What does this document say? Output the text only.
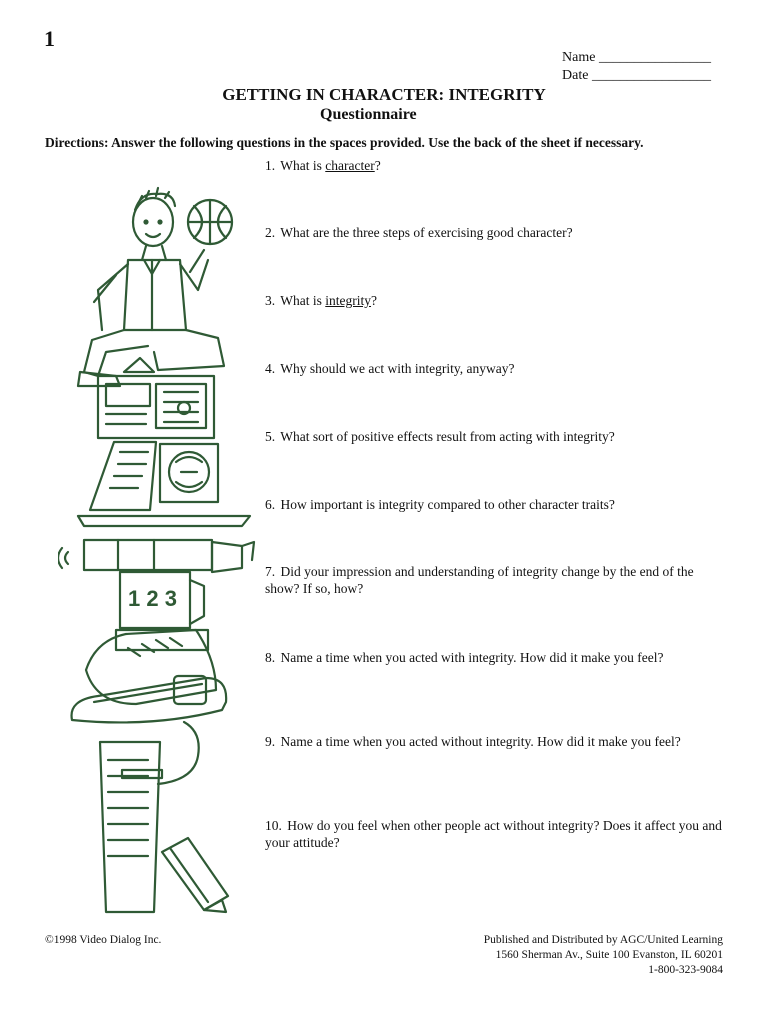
1
Name ________________
Date _________________
GETTING IN CHARACTER: INTEGRITY
Questionnaire
Directions: Answer the following questions in the spaces provided. Use the back of the sheet if necessary.
1. What is character?
2. What are the three steps of exercising good character?
3. What is integrity?
4. Why should we act with integrity, anyway?
5. What sort of positive effects result from acting with integrity?
6. How important is integrity compared to other character traits?
7. Did your impression and understanding of integrity change by the end of the show? If so, how?
8. Name a time when you acted with integrity. How did it make you feel?
9. Name a time when you acted without integrity. How did it make you feel?
10. How do you feel when other people act without integrity? Does it affect you and your attitude?
1 2 3
©1998 Video Dialog Inc.	Published and Distributed by AGC/United Learning
1560 Sherman Av., Suite 100 Evanston, IL 60201
1-800-323-9084
